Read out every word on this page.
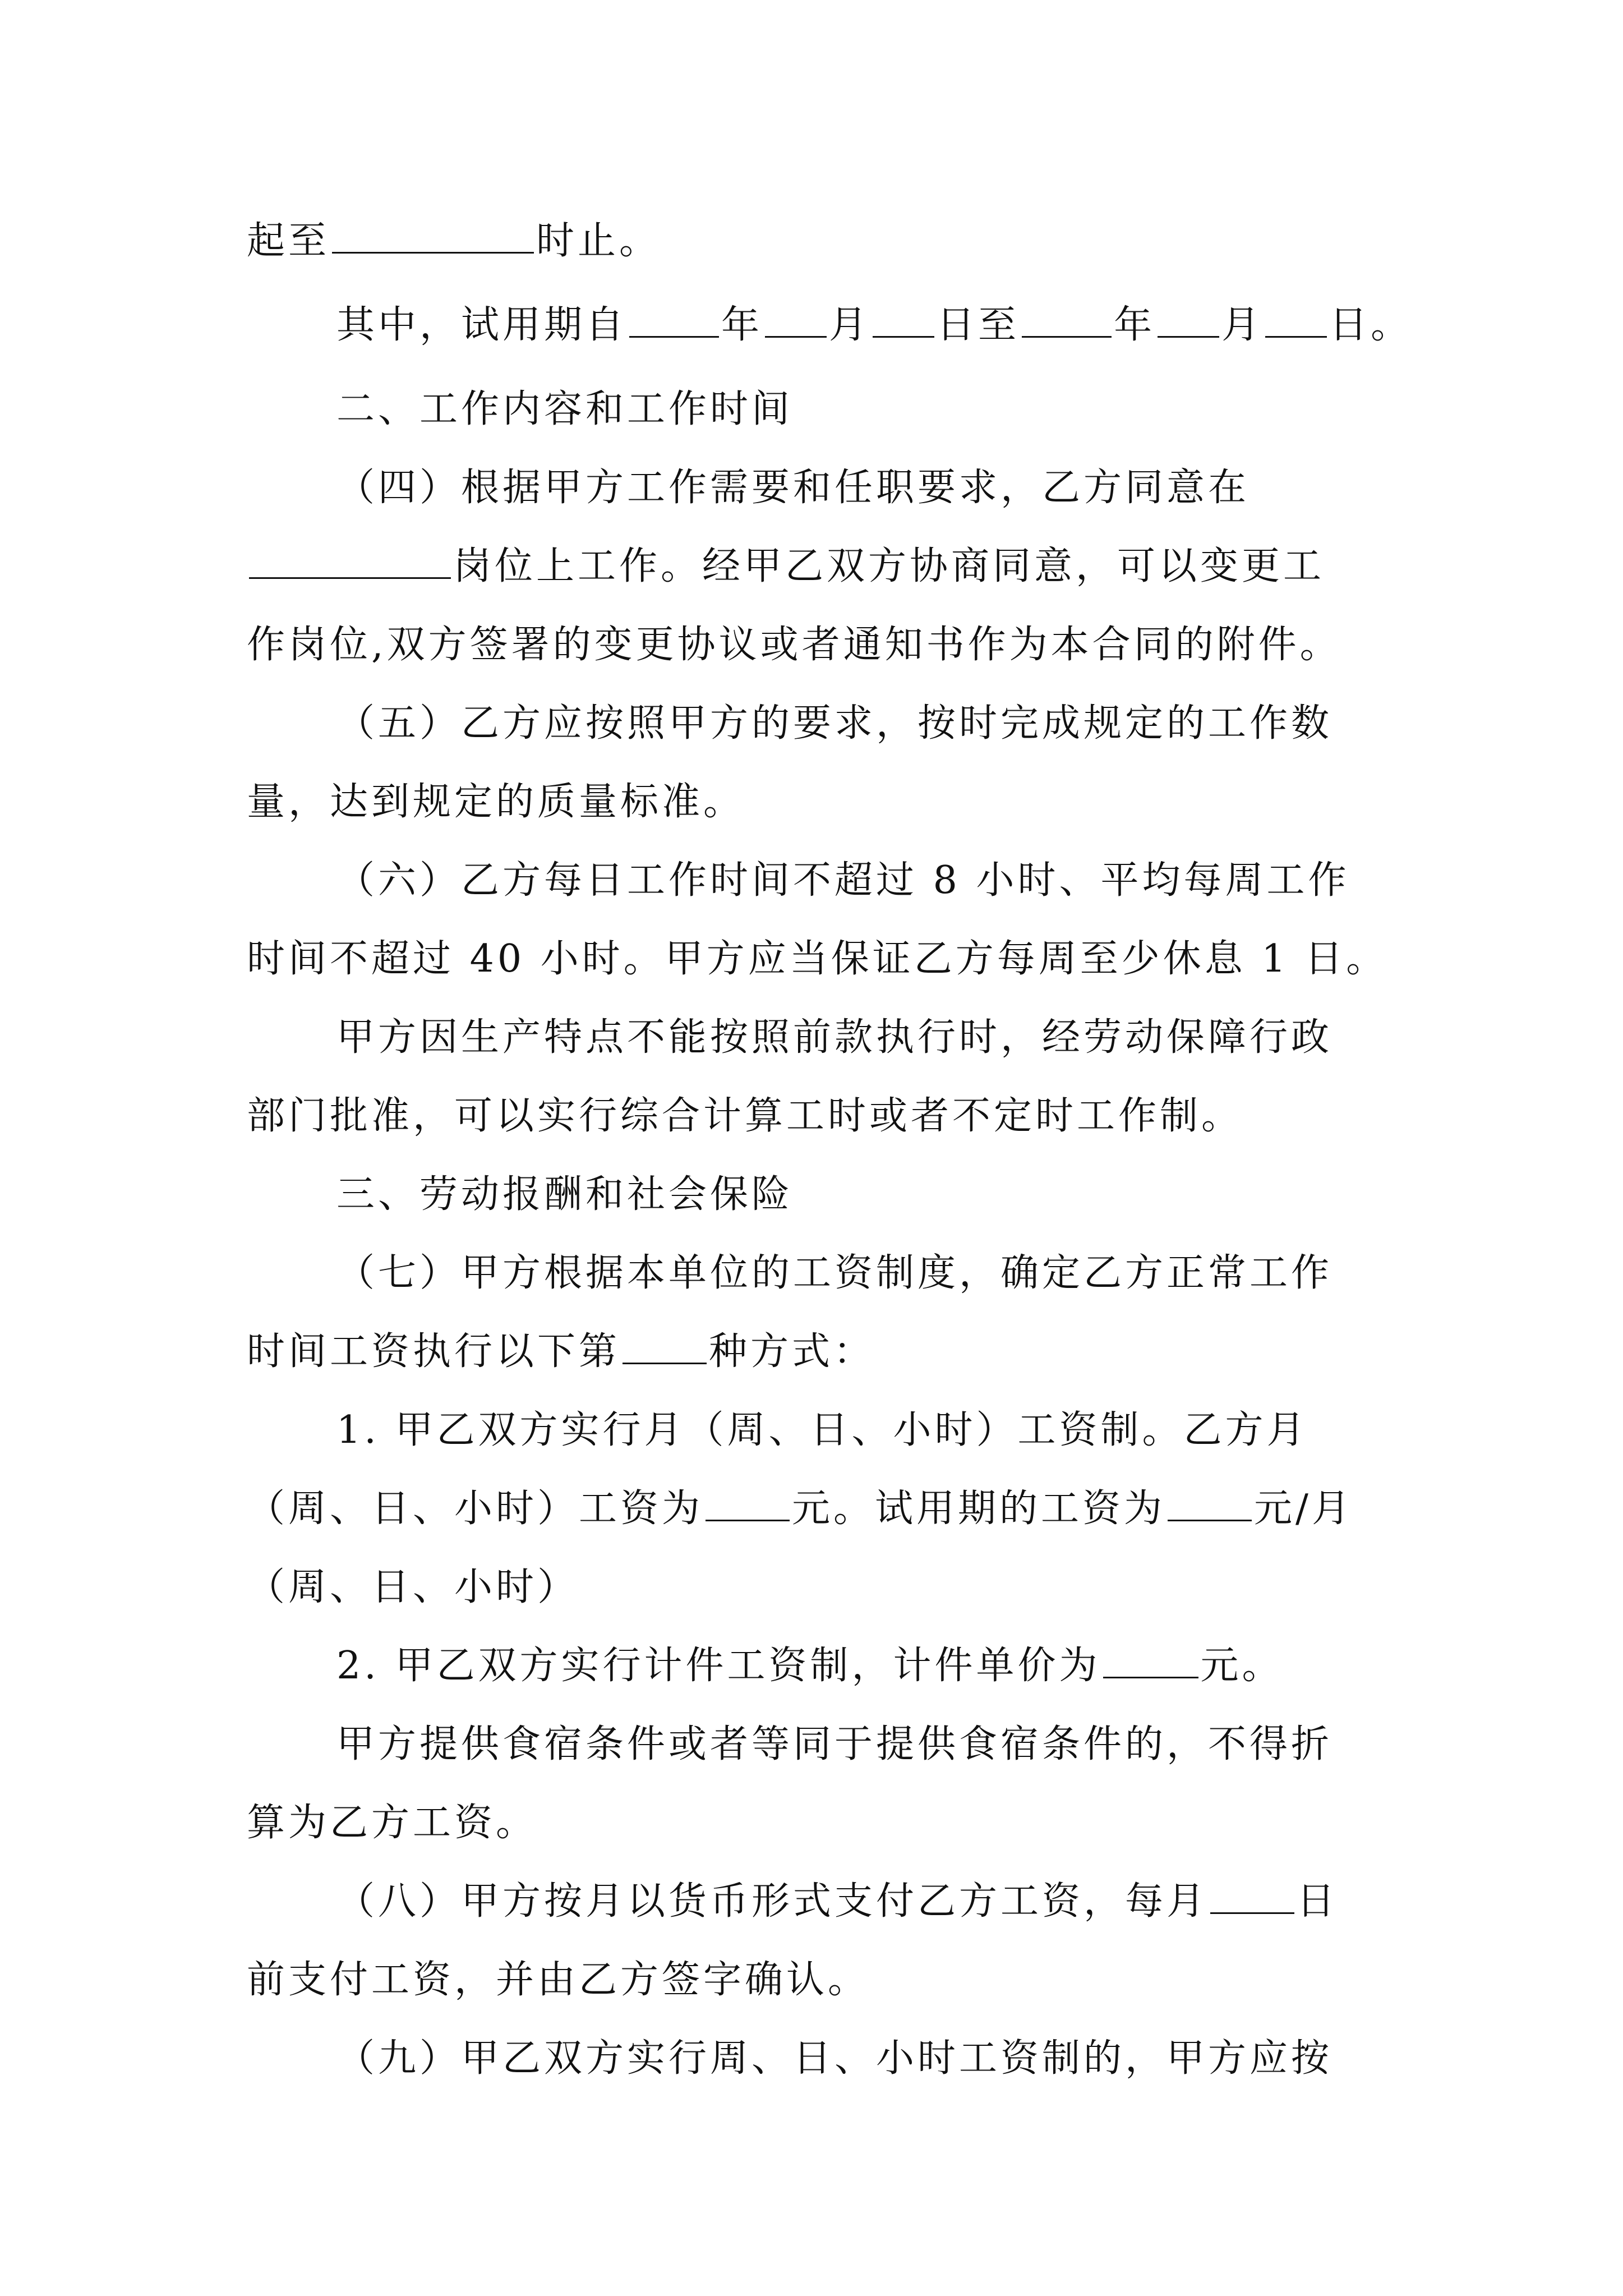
起至	时止。
其中，试用期自 年 月 日至 年 月 日。
二、工作内容和工作时间
（四）根据甲方工作需要和任职要求，乙方同意在
岗位上工作。经甲乙双方协商同意，可以变更工
作岗位,双方签署的变更协议或者通知书作为本合同的附件。
（五）乙方应按照甲方的要求，按时完成规定的工作数
量，达到规定的质量标准。
（六）乙方每日工作时间不超过 8 小时、平均每周工作
时间不超过 40 小时。甲方应当保证乙方每周至少休息 1 日。
甲方因生产特点不能按照前款执行时，经劳动保障行政
部门批准，可以实行综合计算工时或者不定时工作制。
三、劳动报酬和社会保险
（七）甲方根据本单位的工资制度，确定乙方正常工作
时间工资执行以下第 种方式：
1. 甲乙双方实行月（周、日、小时）工资制。乙方月
（周、日、小时）工资为 元。试用期的工资为 元/月
（周、日、小时）
2. 甲乙双方实行计件工资制，计件单价为	元。
甲方提供食宿条件或者等同于提供食宿条件的，不得折
算为乙方工资。
（八）甲方按月以货币形式支付乙方工资，每月 日
前支付工资，并由乙方签字确认。
（九）甲乙双方实行周、日、小时工资制的，甲方应按
